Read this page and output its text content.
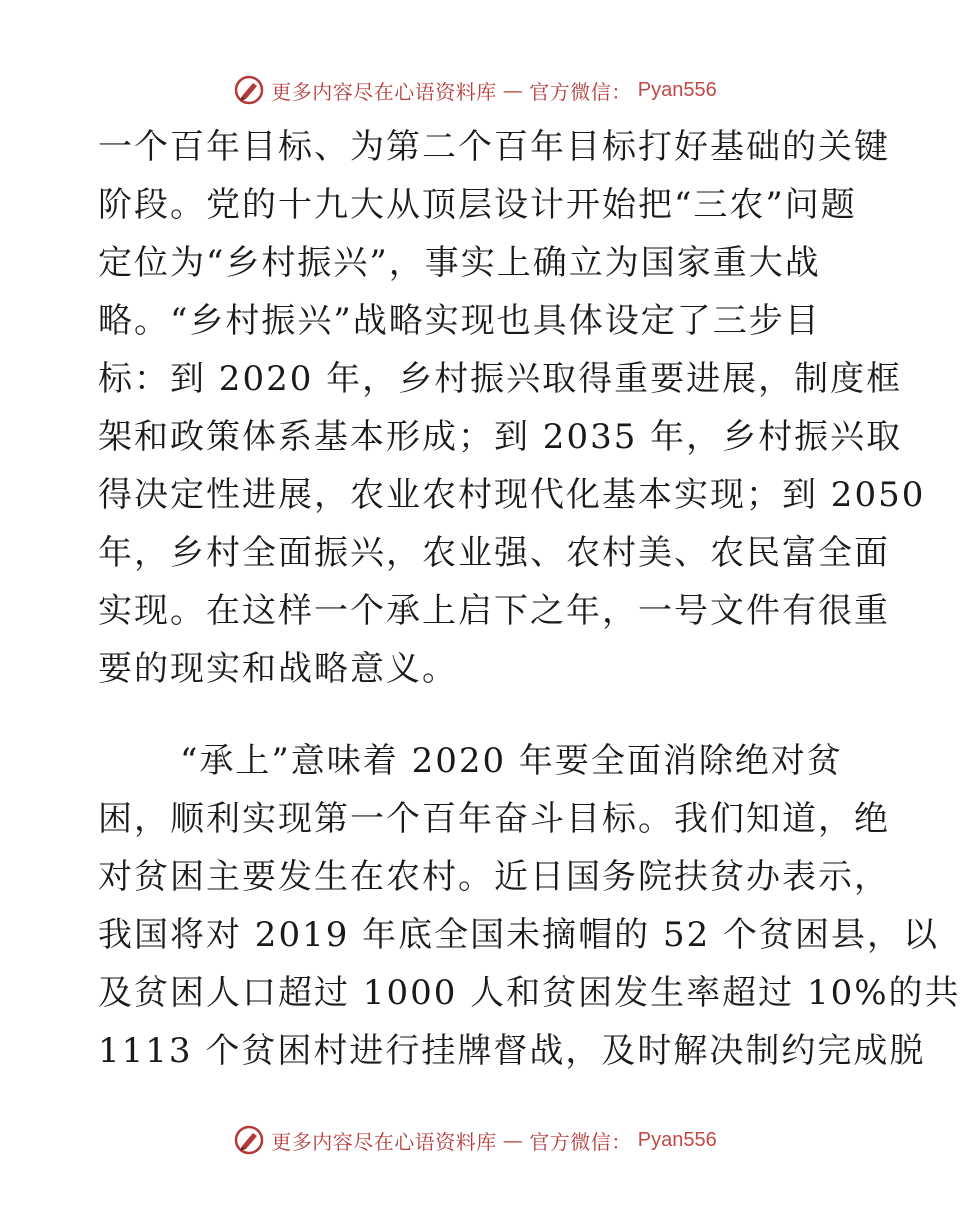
更多内容尽在心语资料库 — 官方微信： Pyan556
一个百年目标、为第二个百年目标打好基础的关键
阶段。党的十九大从顶层设计开始把“三农”问题
定位为“乡村振兴”，事实上确立为国家重大战
略。“乡村振兴”战略实现也具体设定了三步目
标：到 2020 年，乡村振兴取得重要进展，制度框
架和政策体系基本形成；到 2035 年，乡村振兴取
得决定性进展，农业农村现代化基本实现；到 2050
年，乡村全面振兴，农业强、农村美、农民富全面
实现。在这样一个承上启下之年，一号文件有很重
要的现实和战略意义。
“承上”意味着 2020 年要全面消除绝对贫
困，顺利实现第一个百年奋斗目标。我们知道，绝
对贫困主要发生在农村。近日国务院扶贫办表示，
我国将对 2019 年底全国未摘帽的 52 个贫困县，以
及贫困人口超过 1000 人和贫困发生率超过 10%的共
1113 个贫困村进行挂牌督战，及时解决制约完成脱
更多内容尽在心语资料库 — 官方微信： Pyan556
